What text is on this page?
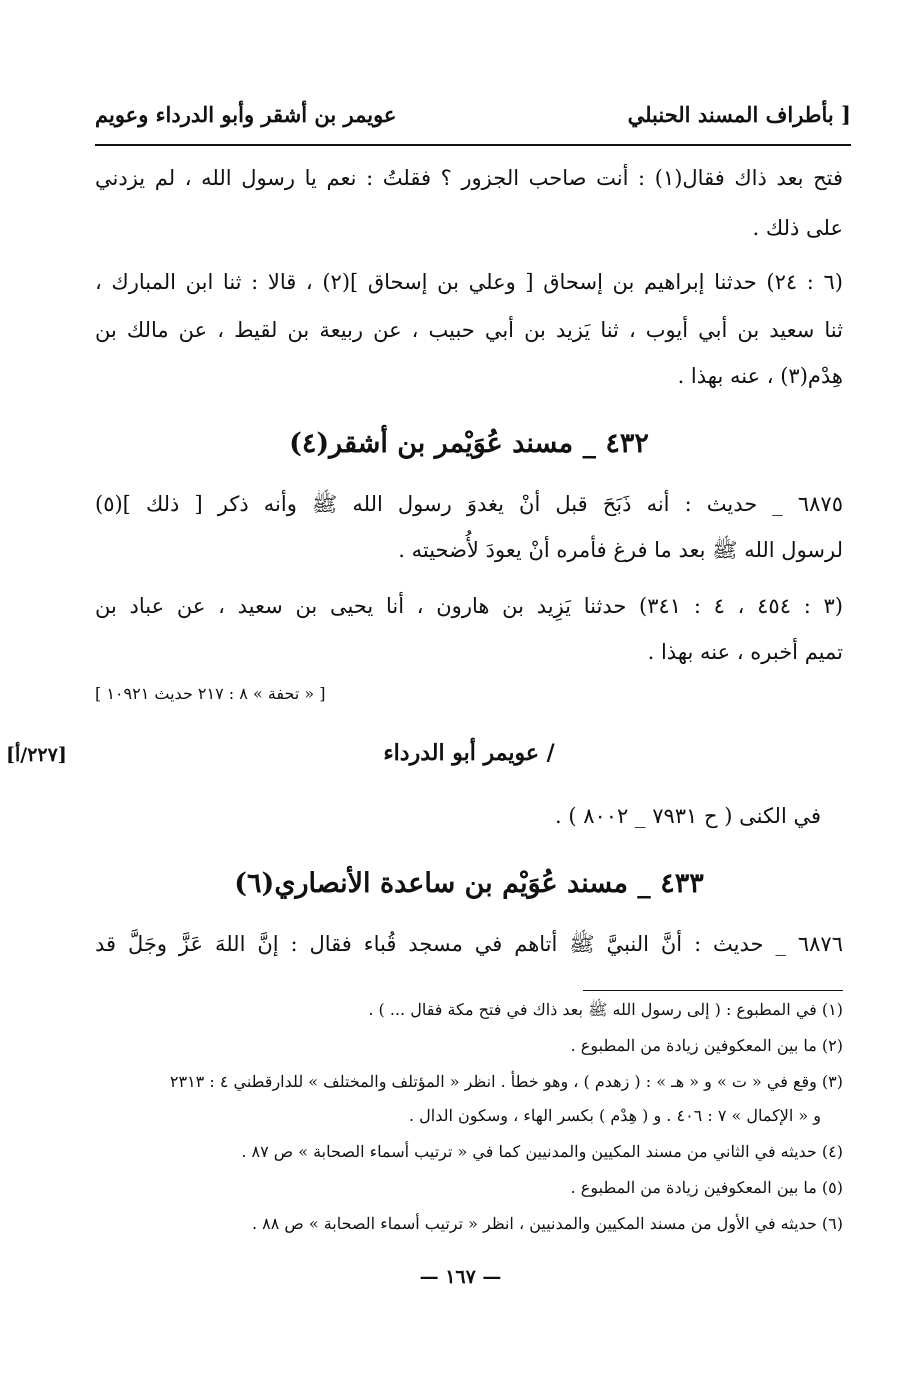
بأطراف المسند الحنبلي ]
عويمر بن أشقر وأبو الدرداء وعويم
فتح بعد ذاك فقال(١) : أنت صاحب الجزور ؟ فقلتُ : نعم يا رسول الله ، لم يزدني
على ذلك .
(٦ : ٢٤) حدثنا إبراهيم بن إسحاق [ وعلي بن إسحاق ](٢) ، قالا : ثنا ابن المبارك ،
ثنا سعيد بن أبي أيوب ، ثنا يَزيد بن أبي حبيب ، عن ربيعة بن لقيط ، عن مالك بن
هِدْم(٣) ، عنه بهذا .
٤٣٢ _ مسند عُوَيْمر بن أشقر(٤)
٦٨٧٥ _ حديث : أنه ذَبَحَ قبل أنْ يغدوَ رسول الله ﷺ وأنه ذكر [ ذلك ](٥)
لرسول الله ﷺ بعد ما فرغ فأمره أنْ يعودَ لأُضحيته .
(٣ : ٤٥٤ ، ٤ : ٣٤١) حدثنا يَزِيد بن هارون ، أنا يحيى بن سعيد ، عن عباد بن
تميم أخبره ، عنه بهذا .
[ « تحفة » ٨ : ٢١٧ حديث ١٠٩٢١ ]
[٢٢٧/أ]	/ عويمر أبو الدرداء
في الكنى ( ح ٧٩٣١ _ ٨٠٠٢ ) .
٤٣٣ _ مسند عُوَيْم بن ساعدة الأنصاري(٦)
٦٨٧٦ _ حديث : أنَّ النبيَّ ﷺ أتاهم في مسجد قُباء فقال : إنَّ اللهَ عَزَّ وجَلَّ قد
(١) في المطبوع : ( إلى رسول الله ﷺ بعد ذاك في فتح مكة فقال ... ) .
(٢) ما بين المعكوفين زيادة من المطبوع .
(٣) وقع في « ت » و « هـ » : ( زهدم ) ، وهو خطأ . انظر « المؤتلف والمختلف » للدارقطني ٤ : ٢٣١٣
و « الإكمال » ٧ : ٤٠٦ . و ( هِدْم ) بكسر الهاء ، وسكون الدال .
(٤) حديثه في الثاني من مسند المكيين والمدنيين كما في « ترتيب أسماء الصحابة » ص ٨٧ .
(٥) ما بين المعكوفين زيادة من المطبوع .
(٦) حديثه في الأول من مسند المكيين والمدنيين ، انظر « ترتيب أسماء الصحابة » ص ٨٨ .
— ١٦٧ —
